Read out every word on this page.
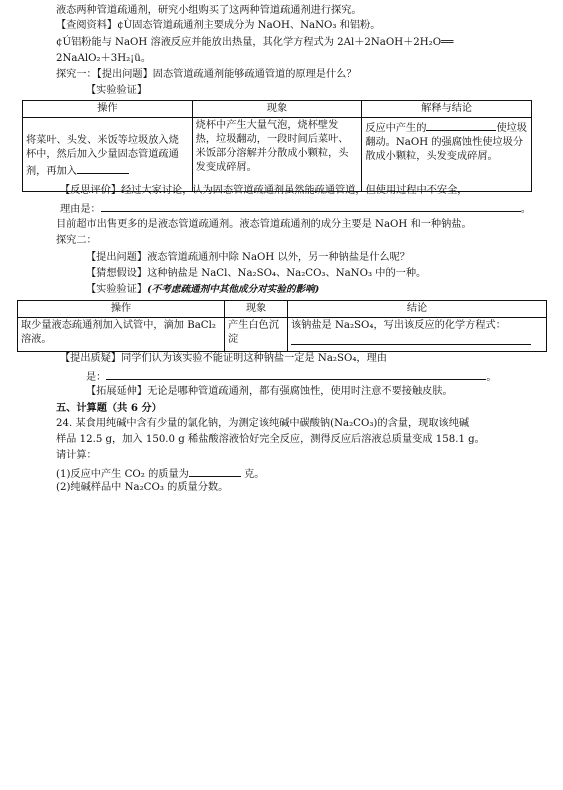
液态两种管道疏通剂，研究小组购买了这两种管道疏通剂进行探究。
【查阅资料】¢Ù固态管道疏通剂主要成分为 NaOH、NaNO₃ 和铝粉。
¢Ú铝粉能与 NaOH 溶液反应并能放出热量，其化学方程式为 2Al＋2NaOH＋2H₂O══
2NaAlO₂＋3H₂¡ü。
探究一：【提出问题】固态管道疏通剂能够疏通管道的原理是什么？
【实验验证】
操作	现象	解释与结论
将菜叶、头发、米饭等垃圾放入烧杯中，然后加入少量固态管道疏通剂，再加入	烧杯中产生大量气泡，烧杯壁发热，垃圾翻动，一段时间后菜叶、米饭部分溶解并分散成小颗粒，头发变成碎屑。	反应中产生的 使垃圾翻动。NaOH 的强腐蚀性使垃圾分散成小颗粒，头发变成碎屑。
【反思评价】经过大家讨论，认为固态管道疏通剂虽然能疏通管道，但使用过程中不安全，
理由是：	。
目前超市出售更多的是液态管道疏通剂。液态管道疏通剂的成分主要是 NaOH 和一种钠盐。
探究二：
【提出问题】液态管道疏通剂中除 NaOH 以外，另一种钠盐是什么呢？
【猜想假设】这种钠盐是 NaCl、Na₂SO₄、Na₂CO₃、NaNO₃ 中的一种。
【实验验证】(不考虑疏通剂中其他成分对实验的影响)
操作	现象	结论
取少量液态疏通剂加入试管中，滴加 BaCl₂ 溶液。	产生白色沉淀	该钠盐是 Na₂SO₄，写出该反应的化学方程式：

【提出质疑】同学们认为该实验不能证明这种钠盐一定是 Na₂SO₄，理由
是：	。
【拓展延伸】无论是哪种管道疏通剂，都有强腐蚀性，使用时注意不要接触皮肤。
五、计算题（共 6 分）
24. 某食用纯碱中含有少量的氯化钠，为测定该纯碱中碳酸钠(Na₂CO₃)的含量，现取该纯碱
样品 12.5 g，加入 150.0 g 稀盐酸溶液恰好完全反应，测得反应后溶液总质量变成 158.1 g。
请计算：
(1)反应中产生 CO₂ 的质量为	克。
(2)纯碱样品中 Na₂CO₃ 的质量分数。
